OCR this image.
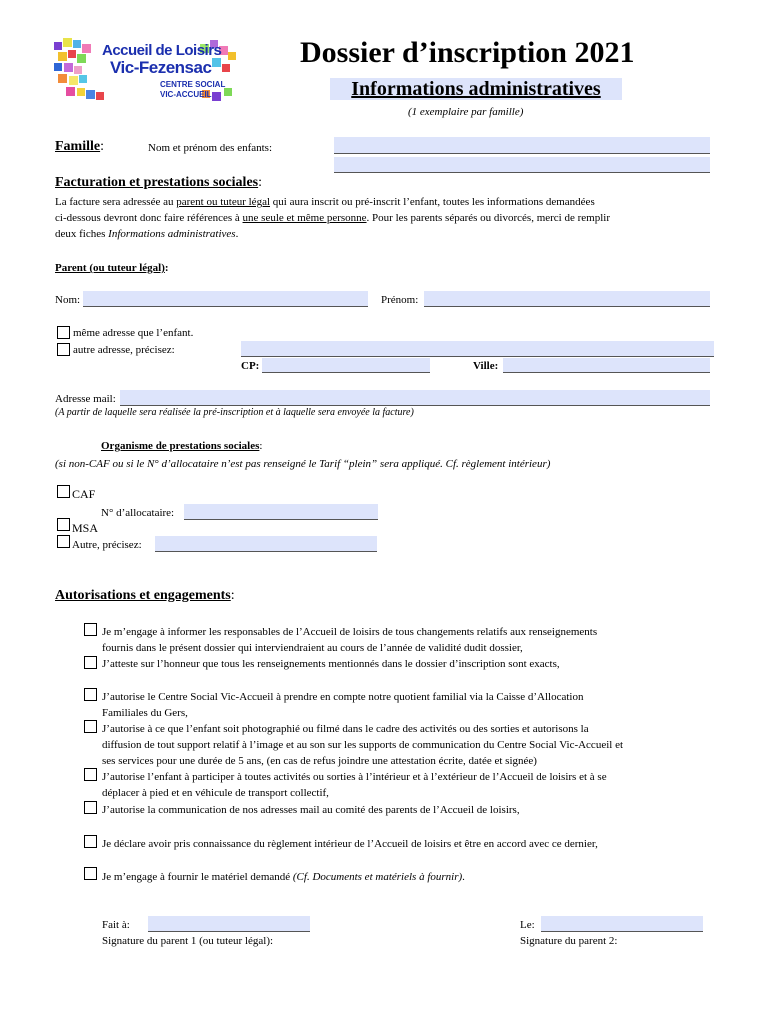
Accueil de Loisirs
Vic-Fezensac
CENTRE SOCIAL
VIC-ACCUEIL
Dossier d’inscription 2021
Informations administratives
(1 exemplaire par famille)
Famille:	Nom et prénom des enfants:
Facturation et prestations sociales:
La facture sera adressée au parent ou tuteur légal qui aura inscrit ou pré-inscrit l’enfant, toutes les informations demandées
ci-dessous devront donc faire références à une seule et même personne. Pour les parents séparés ou divorcés, merci de remplir
deux fiches Informations administratives.
Parent (ou tuteur légal):
Nom:	Prénom:
même adresse que l’enfant.
autre adresse, précisez:
CP:	Ville:
Adresse mail:
(A partir de laquelle sera réalisée la pré-inscription et à laquelle sera envoyée la facture)
Organisme de prestations sociales:
(si non-CAF ou si le N° d’allocataire n’est pas renseigné le Tarif “plein” sera appliqué. Cf. règlement intérieur)
CAF
N° d’allocataire:
MSA
Autre, précisez:
Autorisations et engagements:
Je m’engage à informer les responsables de l’Accueil de loisirs de tous changements relatifs aux renseignements
fournis dans le présent dossier qui interviendraient au cours de l’année de validité dudit dossier,
J’atteste sur l’honneur que tous les renseignements mentionnés dans le dossier d’inscription sont exacts,
J’autorise le Centre Social Vic-Accueil à prendre en compte notre quotient familial via la Caisse d’Allocation
Familiales du Gers,
J’autorise à ce que l’enfant soit photographié ou filmé dans le cadre des activités ou des sorties et autorisons la
diffusion de tout support relatif à l’image et au son sur les supports de communication du Centre Social Vic-Accueil et
ses services pour une durée de 5 ans, (en cas de refus joindre une attestation écrite, datée et signée)
J’autorise l’enfant à participer à toutes activités ou sorties à l’intérieur et à l’extérieur de l’Accueil de loisirs et à se
déplacer à pied et en véhicule de transport collectif,
J’autorise la communication de nos adresses mail au comité des parents de l’Accueil de loisirs,
Je déclare avoir pris connaissance du règlement intérieur de l’Accueil de loisirs et être en accord avec ce dernier,
Je m’engage à fournir le matériel demandé (Cf. Documents et matériels à fournir).
Fait à:	Le:
Signature du parent 1 (ou tuteur légal):	Signature du parent 2:
